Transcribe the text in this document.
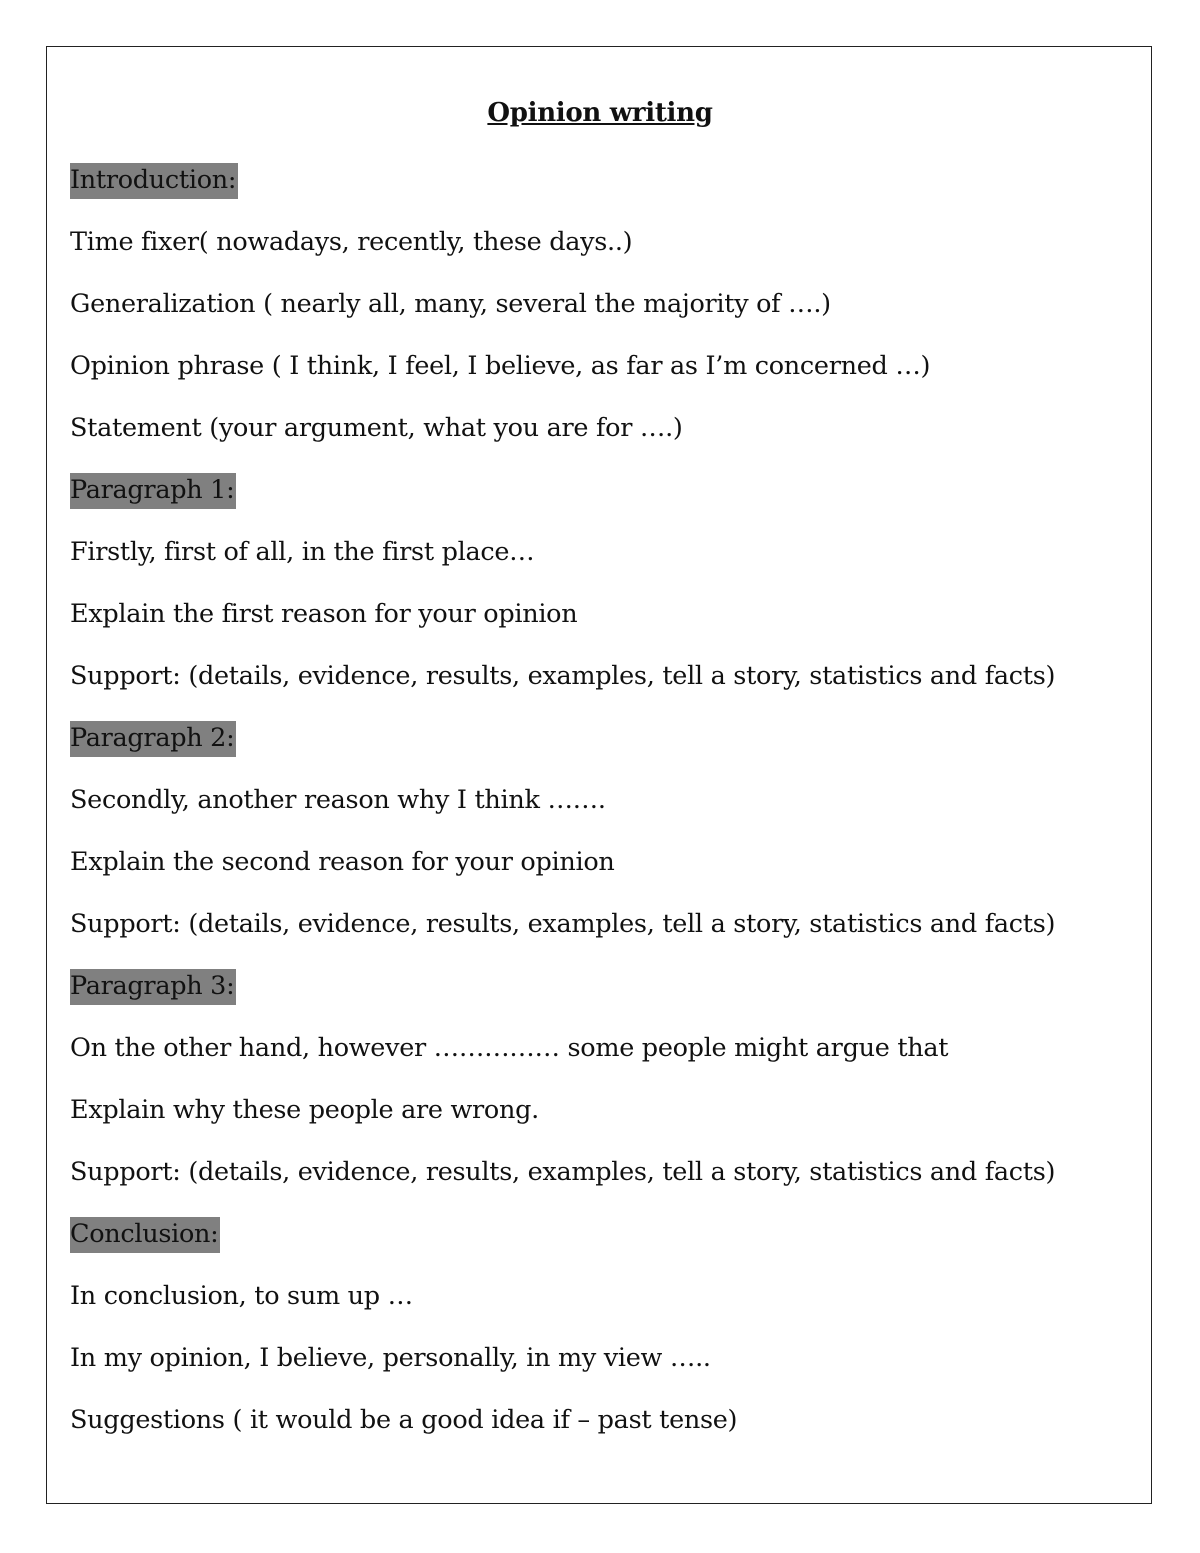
Opinion writing
Introduction:
Time fixer( nowadays, recently, these days..)
Generalization ( nearly all, many, several the majority of ….)
Opinion phrase ( I think, I feel, I believe, as far as I’m concerned …)
Statement (your argument, what you are for ….)
Paragraph 1:
Firstly, first of all, in the first place…
Explain the first reason for your opinion
Support: (details, evidence, results, examples, tell a story, statistics and facts)
Paragraph 2:
Secondly, another reason why I think …….
Explain the second reason for your opinion
Support: (details, evidence, results, examples, tell a story, statistics and facts)
Paragraph 3:
On the other hand, however …………… some people might argue that
Explain why these people are wrong.
Support: (details, evidence, results, examples, tell a story, statistics and facts)
Conclusion:
In conclusion, to sum up …
In my opinion, I believe, personally, in my view …..
Suggestions ( it would be a good idea if – past tense)
